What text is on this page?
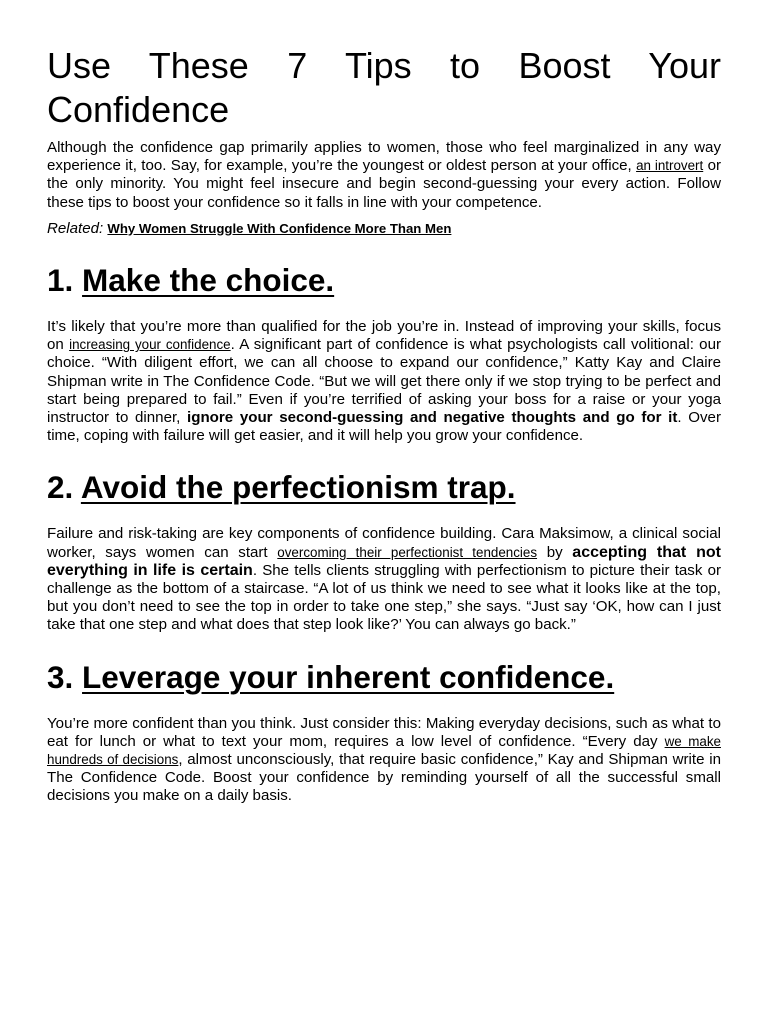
Use These 7 Tips to Boost Your Confidence

Although the confidence gap primarily applies to women, those who feel marginalized in any way experience it, too. Say, for example, you’re the youngest or oldest person at your office, an introvert or the only minority. You might feel insecure and begin second-guessing your every action. Follow these tips to boost your confidence so it falls in line with your competence.

Related: Why Women Struggle With Confidence More Than Men

1. Make the choice.

It’s likely that you’re more than qualified for the job you’re in. Instead of improving your skills, focus on increasing your confidence. A significant part of confidence is what psychologists call volitional: our choice. “With diligent effort, we can all choose to expand our confidence,” Katty Kay and Claire Shipman write in The Confidence Code. “But we will get there only if we stop trying to be perfect and start being prepared to fail.” Even if you’re terrified of asking your boss for a raise or your yoga instructor to dinner, ignore your second-guessing and negative thoughts and go for it. Over time, coping with failure will get easier, and it will help you grow your confidence.

2. Avoid the perfectionism trap.

Failure and risk-taking are key components of confidence building. Cara Maksimow, a clinical social worker, says women can start overcoming their perfectionist tendencies by accepting that not everything in life is certain. She tells clients struggling with perfectionism to picture their task or challenge as the bottom of a staircase. “A lot of us think we need to see what it looks like at the top, but you don’t need to see the top in order to take one step,” she says. “Just say ‘OK, how can I just take that one step and what does that step look like?’ You can always go back.”

3. Leverage your inherent confidence.

You’re more confident than you think. Just consider this: Making everyday decisions, such as what to eat for lunch or what to text your mom, requires a low level of confidence. “Every day we make hundreds of decisions, almost unconsciously, that require basic confidence,” Kay and Shipman write in The Confidence Code. Boost your confidence by reminding yourself of all the successful small decisions you make on a daily basis.
